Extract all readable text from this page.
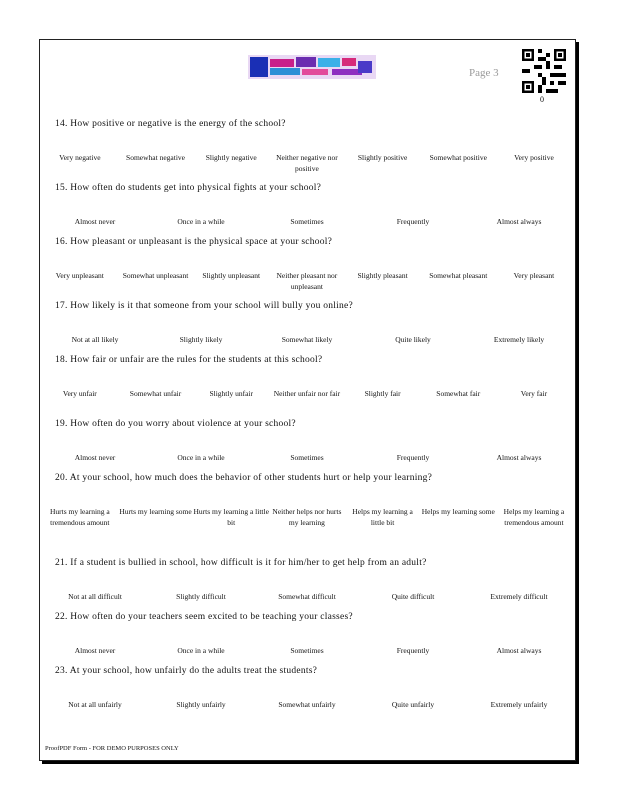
Page 3
0
14. How positive or negative is the energy of the school?
Very negative	Somewhat negative	Slightly negative	Neither negative nor positive
Slightly positive	Somewhat positive	Very positive
15. How often do students get into physical fights at your school?
Almost never	Once in a while	Sometimes	Frequently	Almost always
16. How pleasant or unpleasant is the physical space at your school?
Very unpleasant	Somewhat unpleasant	Slightly unpleasant	Neither pleasant nor unpleasant
Slightly pleasant	Somewhat pleasant	Very pleasant
17. How likely is it that someone from your school will bully you online?
Not at all likely	Slightly likely	Somewhat likely	Quite likely	Extremely likely
18. How fair or unfair are the rules for the students at this school?
Very unfair	Somewhat unfair	Slightly unfair	Neither unfair nor fair	Slightly fair	Somewhat fair	Very fair
19. How often do you worry about violence at your school?
Almost never	Once in a while	Sometimes	Frequently	Almost always
20. At your school, how much does the behavior of other students hurt or help your learning?
Hurts my learning a tremendous amount
Hurts my learning some Hurts my learning a little bit
Neither helps nor hurts my learning
Helps my learning a little bit
Helps my learning some	Helps my learning a tremendous amount
21. If a student is bullied in school, how difficult is it for him/her to get help from an adult?
Not at all difficult	Slightly difficult	Somewhat difficult	Quite difficult	Extremely difficult
22. How often do your teachers seem excited to be teaching your classes?
Almost never	Once in a while	Sometimes	Frequently	Almost always
23. At your school, how unfairly do the adults treat the students?
Not at all unfairly	Slightly unfairly	Somewhat unfairly	Quite unfairly	Extremely unfairly
ProofPDF Form - FOR DEMO PURPOSES ONLY
